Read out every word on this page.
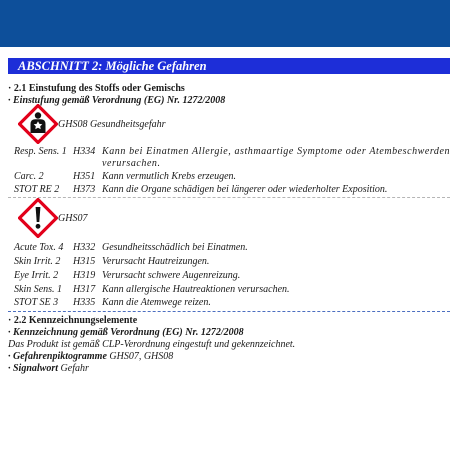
ABSCHNITT 2: Mögliche Gefahren
· 2.1 Einstufung des Stoffs oder Gemischs
· Einstufung gemäß Verordnung (EG) Nr. 1272/2008
GHS08 Gesundheitsgefahr
Resp. Sens. 1 H334 Kann bei Einatmen Allergie, asthmaartige Symptome oder Atembeschwerden verursachen.
Carc. 2	H351 Kann vermutlich Krebs erzeugen.
STOT RE 2 H373 Kann die Organe schädigen bei längerer oder wiederholter Exposition.
GHS07
Acute Tox. 4 H332 Gesundheitsschädlich bei Einatmen.
Skin Irrit. 2 H315 Verursacht Hautreizungen.
Eye Irrit. 2 H319 Verursacht schwere Augenreizung.
Skin Sens. 1 H317 Kann allergische Hautreaktionen verursachen.
STOT SE 3 H335 Kann die Atemwege reizen.
· 2.2 Kennzeichnungselemente
· Kennzeichnung gemäß Verordnung (EG) Nr. 1272/2008
Das Produkt ist gemäß CLP-Verordnung eingestuft und gekennzeichnet.
· Gefahrenpiktogramme GHS07, GHS08
· Signalwort Gefahr
